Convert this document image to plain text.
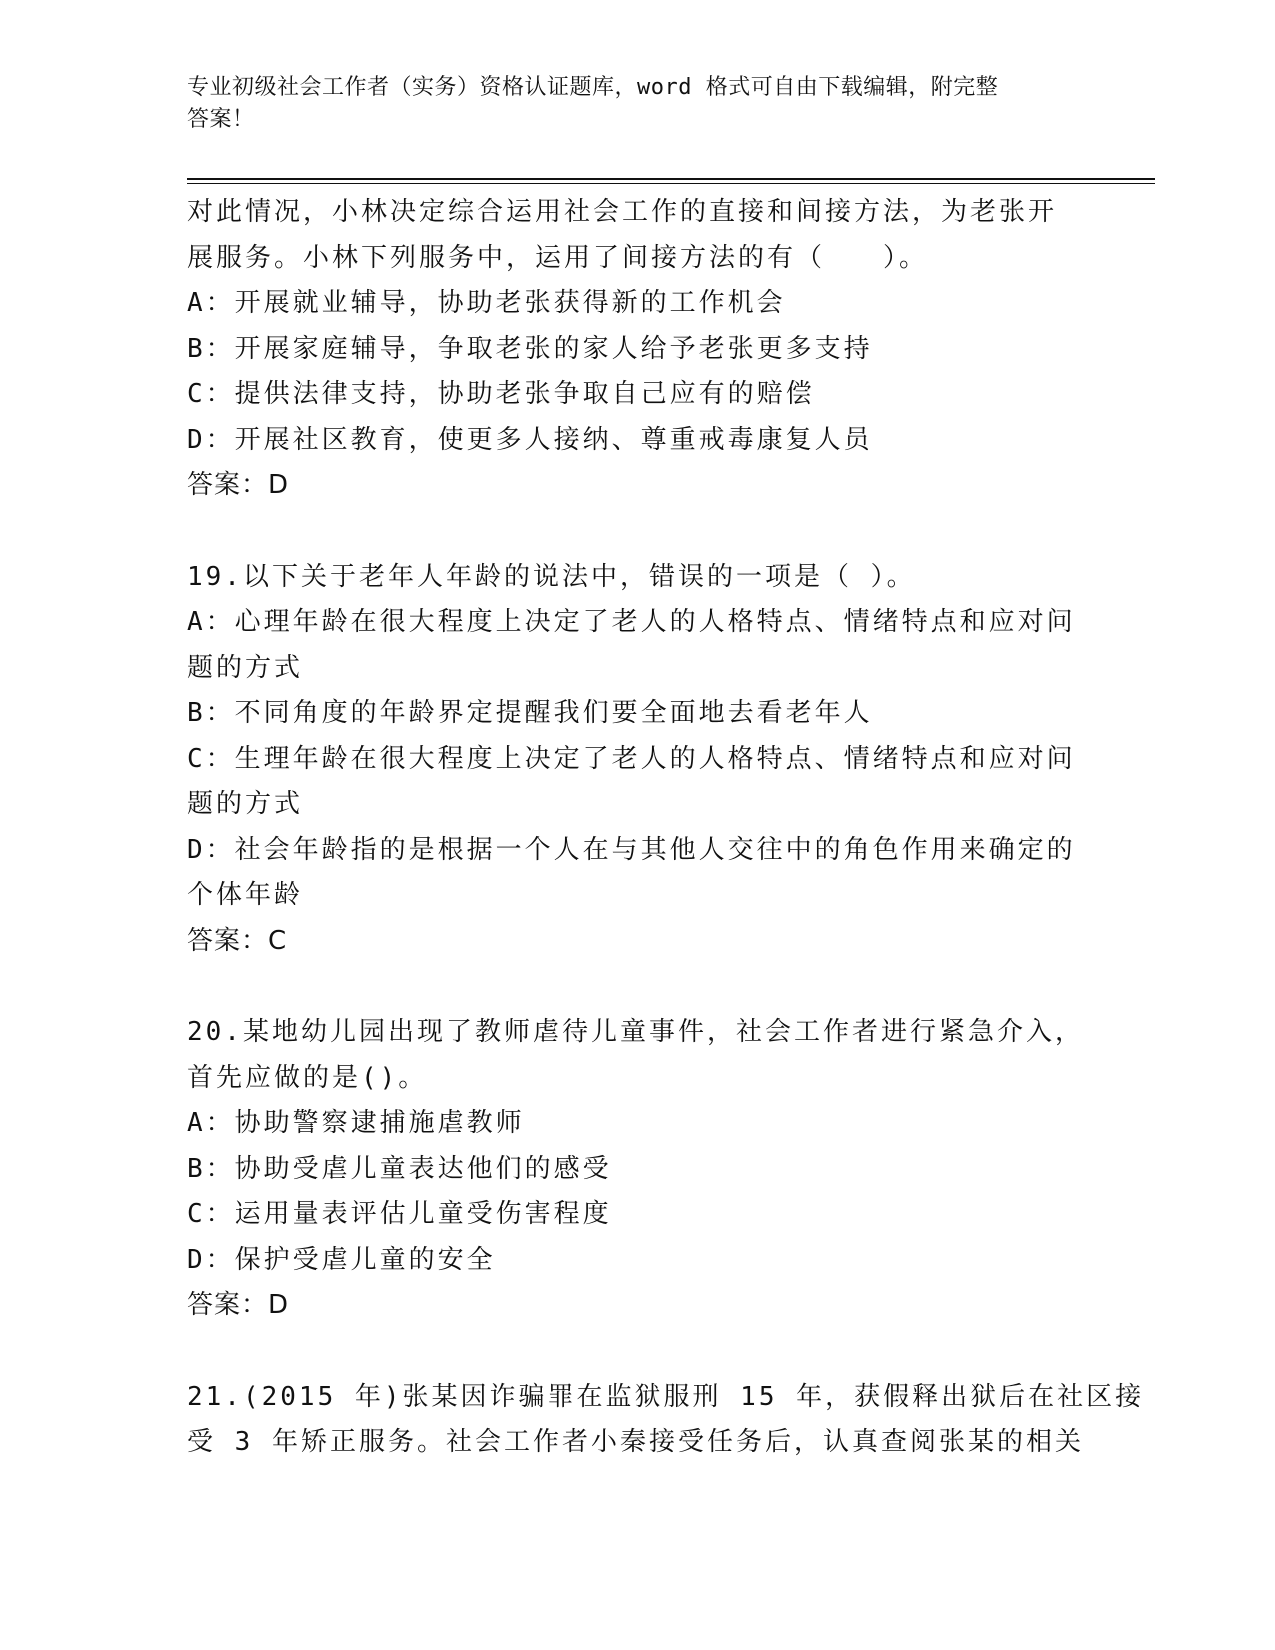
专业初级社会工作者（实务）资格认证题库，word 格式可自由下载编辑，附完整
答案！
对此情况，小林决定综合运用社会工作的直接和间接方法，为老张开
展服务。小林下列服务中，运用了间接方法的有（　　）。
A：开展就业辅导，协助老张获得新的工作机会
B：开展家庭辅导，争取老张的家人给予老张更多支持
C：提供法律支持，协助老张争取自己应有的赔偿
D：开展社区教育，使更多人接纳、尊重戒毒康复人员
答案：D
19.以下关于老年人年龄的说法中，错误的一项是（ ）。
A：心理年龄在很大程度上决定了老人的人格特点、情绪特点和应对问
题的方式
B：不同角度的年龄界定提醒我们要全面地去看老年人
C：生理年龄在很大程度上决定了老人的人格特点、情绪特点和应对问
题的方式
D：社会年龄指的是根据一个人在与其他人交往中的角色作用来确定的
个体年龄
答案：C
20.某地幼儿园出现了教师虐待儿童事件，社会工作者进行紧急介入，
首先应做的是()。
A：协助警察逮捕施虐教师
B：协助受虐儿童表达他们的感受
C：运用量表评估儿童受伤害程度
D：保护受虐儿童的安全
答案：D
21.(2015 年)张某因诈骗罪在监狱服刑 15 年，获假释出狱后在社区接
受 3 年矫正服务。社会工作者小秦接受任务后，认真查阅张某的相关
